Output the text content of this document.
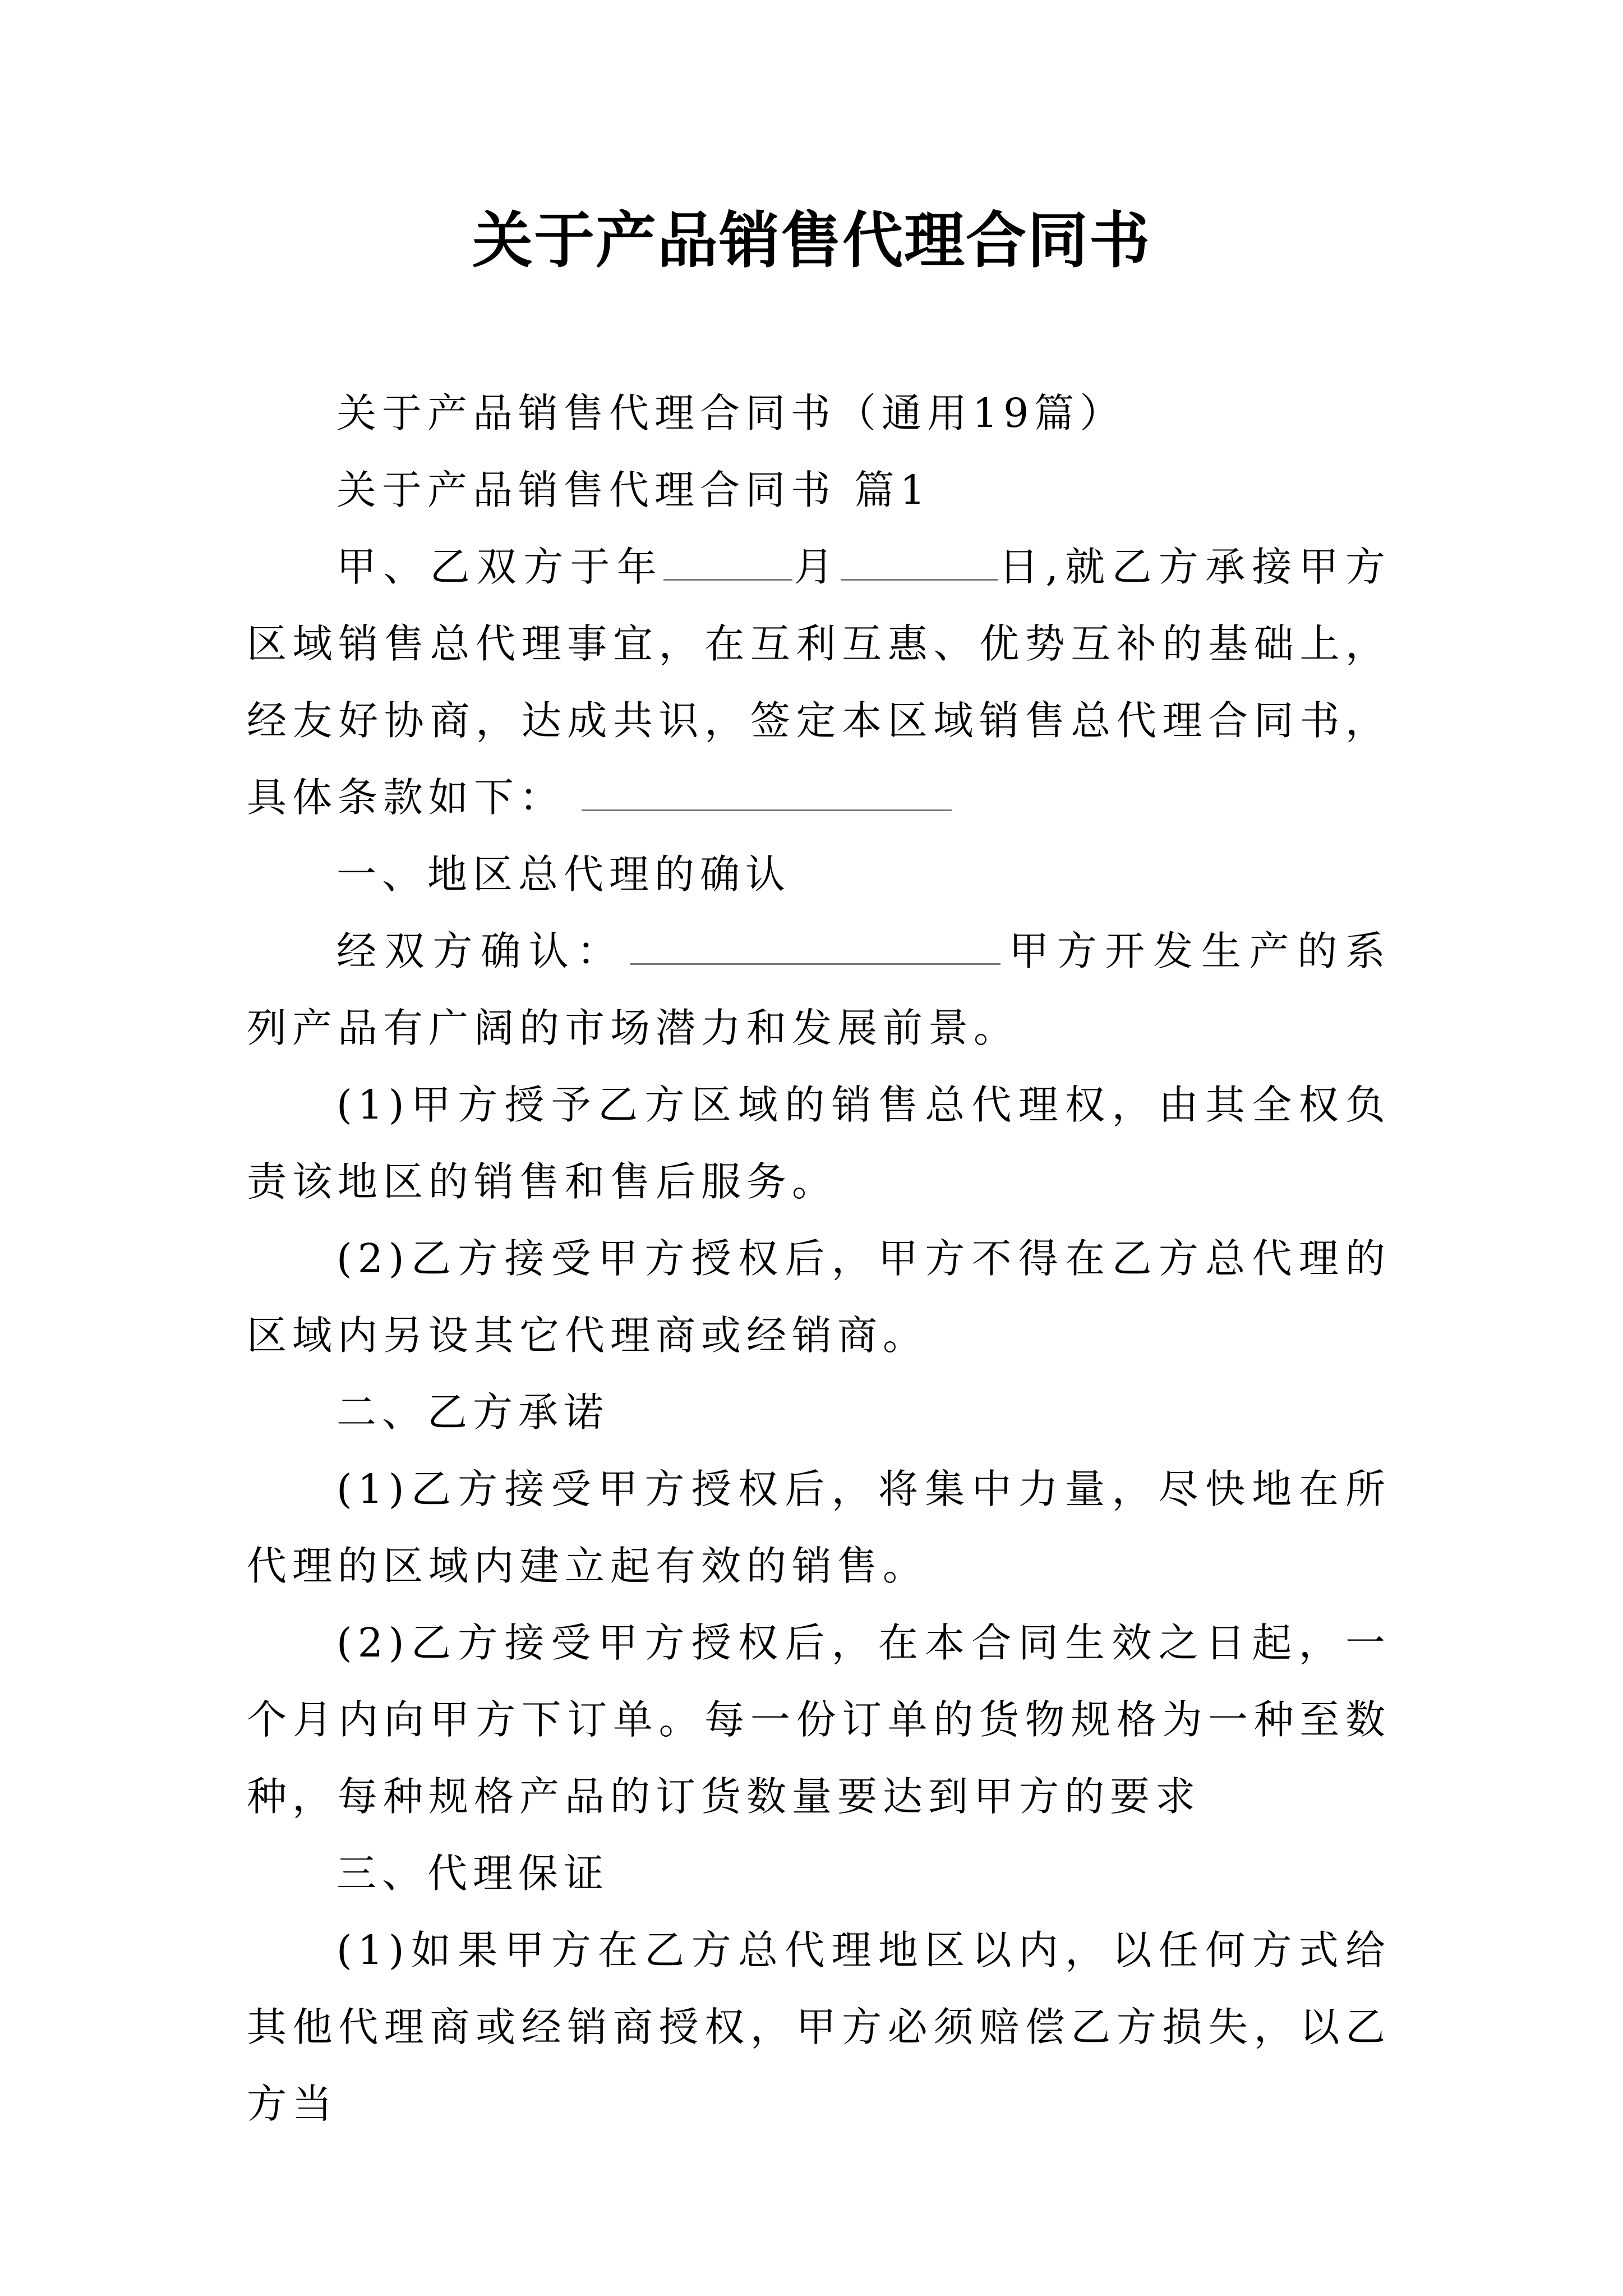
关于产品销售代理合同书

关于产品销售代理合同书（通用19篇）

关于产品销售代理合同书 篇1

甲、乙双方于年	月	日,就乙方承接甲方区域销售总代理事宜，在互利互惠、优势互补的基础上，经友好协商，达成共识，签定本区域销售总代理合同书，具体条款如下：

一、地区总代理的确认

经双方确认：	甲方开发生产的系列产品有广阔的市场潜力和发展前景。

(1)甲方授予乙方区域的销售总代理权，由其全权负责该地区的销售和售后服务。

(2)乙方接受甲方授权后，甲方不得在乙方总代理的区域内另设其它代理商或经销商。

二、乙方承诺

(1)乙方接受甲方授权后，将集中力量，尽快地在所代理的区域内建立起有效的销售。

(2)乙方接受甲方授权后，在本合同生效之日起，一个月内向甲方下订单。每一份订单的货物规格为一种至数种，每种规格产品的订货数量要达到甲方的要求

三、代理保证

(1)如果甲方在乙方总代理地区以内，以任何方式给其他代理商或经销商授权，甲方必须赔偿乙方损失，以乙方当
